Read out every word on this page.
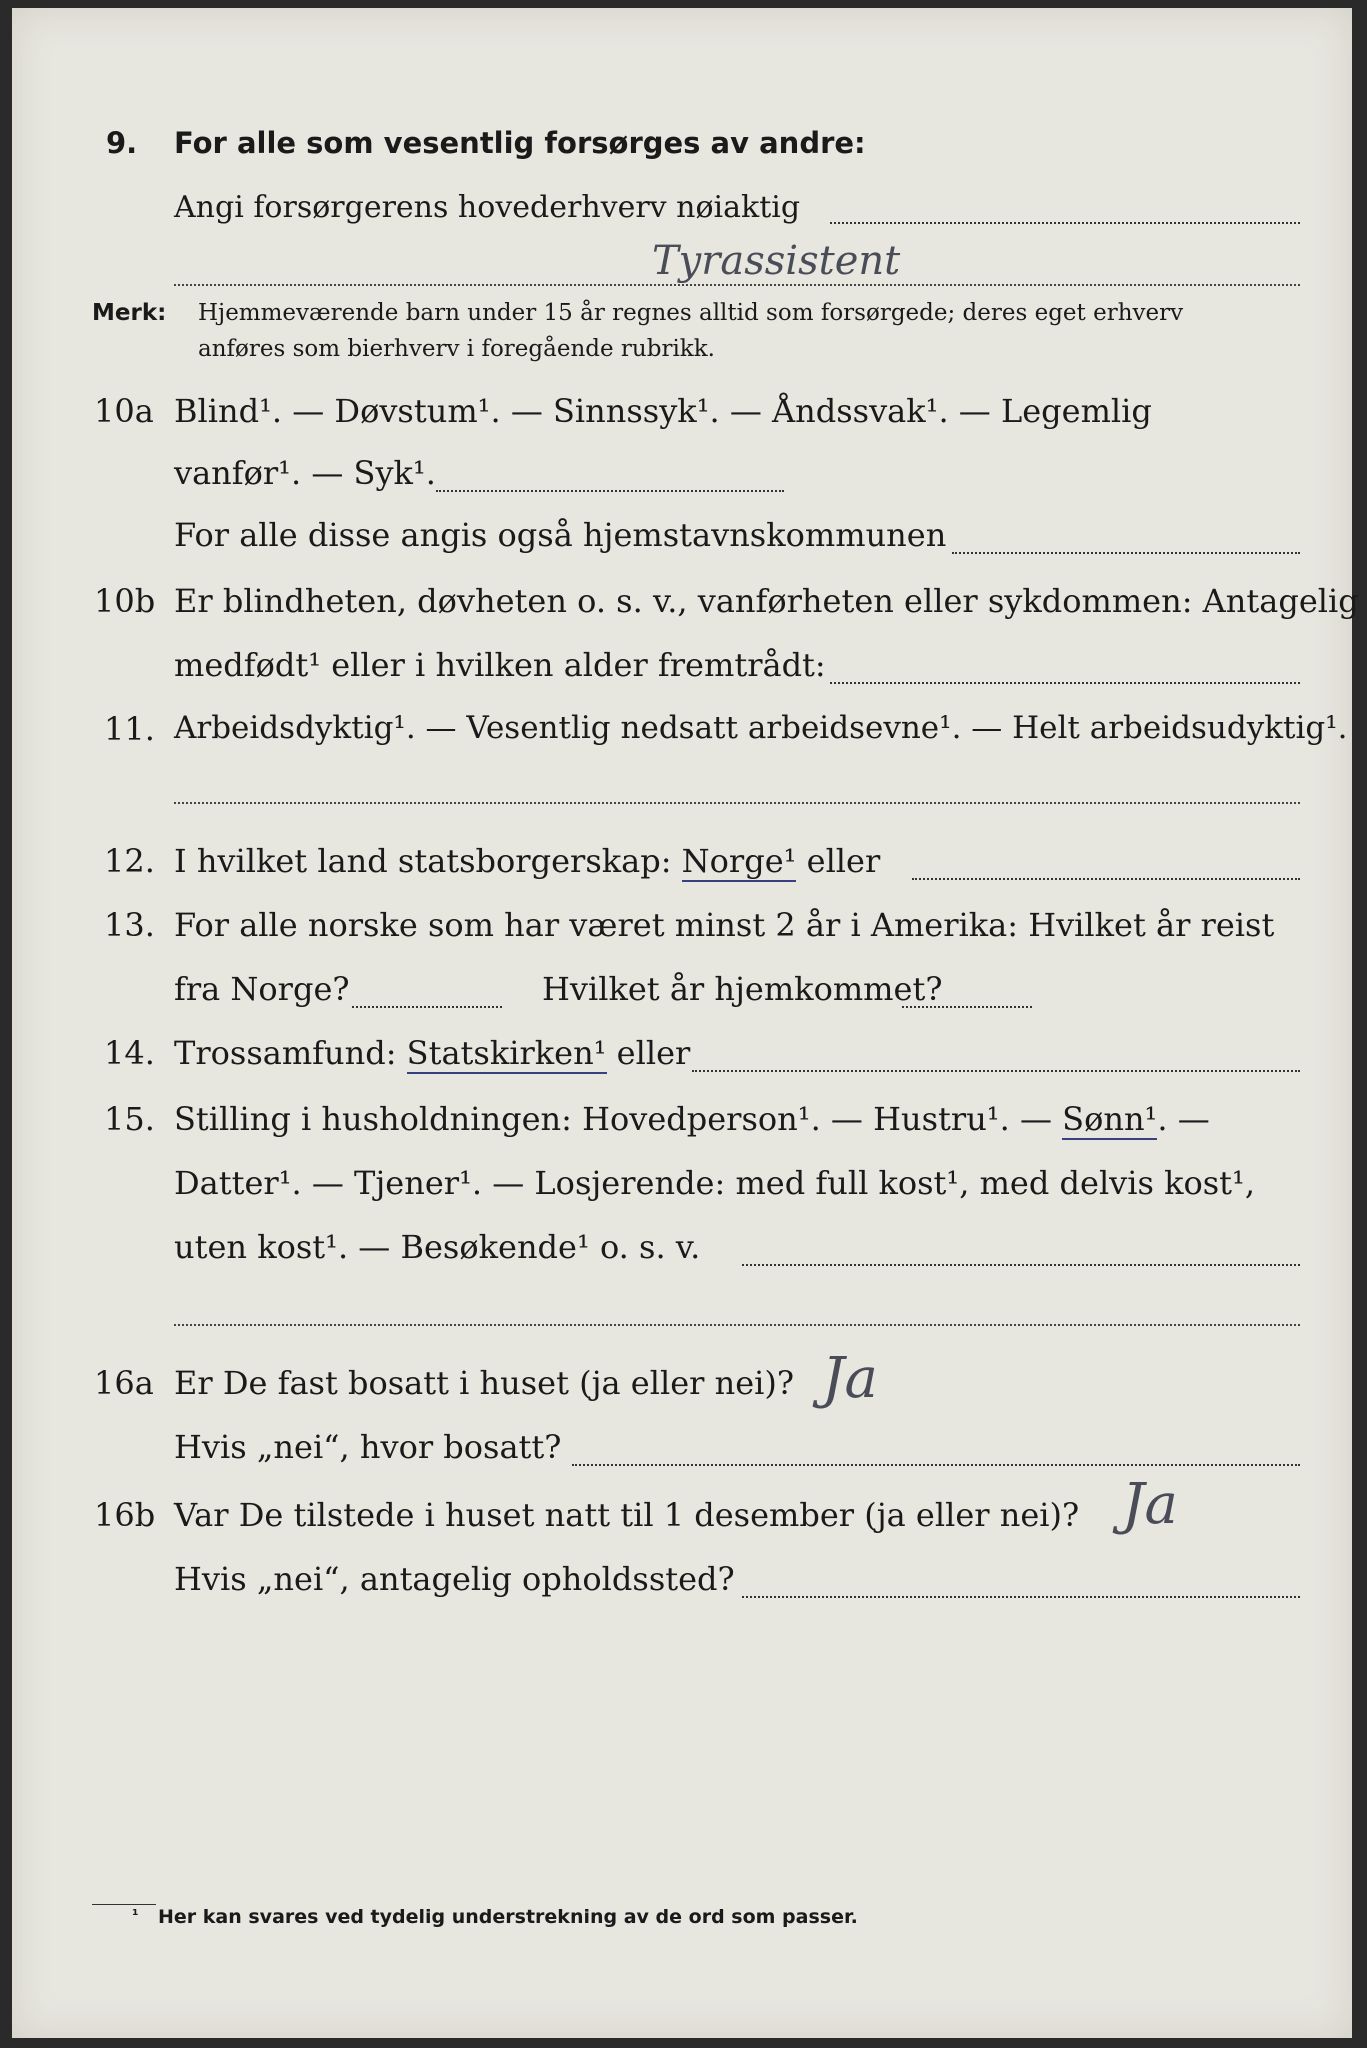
9. For alle som vesentlig forsørges av andre:
Angi forsørgerens hovederhverv nøiaktig
Tyrassistent
Merk: Hjemmeværende barn under 15 år regnes alltid som forsørgede; deres eget erhverv
anføres som bierhverv i foregående rubrikk.
10a Blind¹. — Døvstum¹. — Sinnssyk¹. — Åndssvak¹. — Legemlig
vanfør¹. — Syk¹.
For alle disse angis også hjemstavnskommunen
10b Er blindheten, døvheten o. s. v., vanførheten eller sykdommen: Antagelig
medfødt¹ eller i hvilken alder fremtrådt:
11. Arbeidsdyktig¹. — Vesentlig nedsatt arbeidsevne¹. — Helt arbeidsudyktig¹.
12. I hvilket land statsborgerskap: Norge¹ eller
13. For alle norske som har været minst 2 år i Amerika: Hvilket år reist
fra Norge?	Hvilket år hjemkommet?
14. Trossamfund: Statskirken¹ eller
15. Stilling i husholdningen: Hovedperson¹. — Hustru¹. — Sønn¹. —
Datter¹. — Tjener¹. — Losjerende: med full kost¹, med delvis kost¹,
uten kost¹. — Besøkende¹ o. s. v.
16a Er De fast bosatt i huset (ja eller nei)? Ja
Hvis „nei“, hvor bosatt?
16b Var De tilstede i huset natt til 1 desember (ja eller nei)? Ja
Hvis „nei“, antagelig opholdssted?
¹ Her kan svares ved tydelig understrekning av de ord som passer.
